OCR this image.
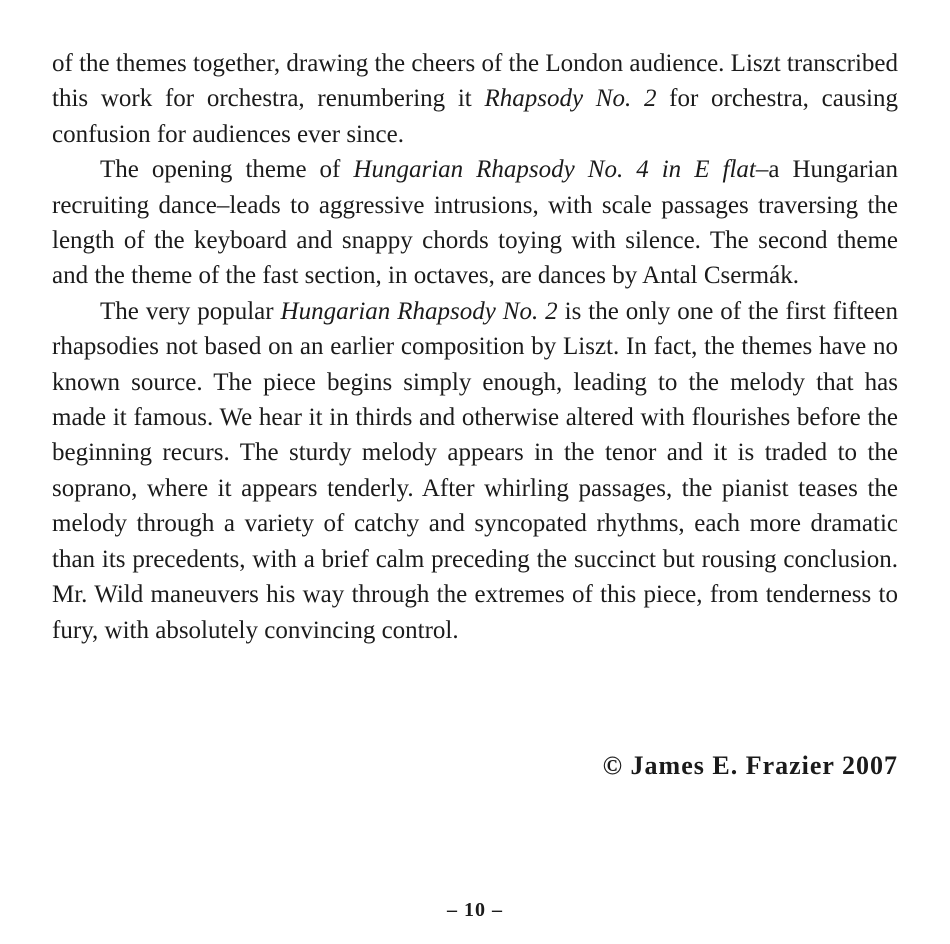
of the themes together, drawing the cheers of the London audience. Liszt transcribed this work for orchestra, renumbering it Rhapsody No. 2 for orchestra, causing confusion for audiences ever since.

The opening theme of Hungarian Rhapsody No. 4 in E flat–a Hungarian recruiting dance–leads to aggressive intrusions, with scale passages traversing the length of the keyboard and snappy chords toying with silence. The second theme and the theme of the fast section, in octaves, are dances by Antal Csermák.

The very popular Hungarian Rhapsody No. 2 is the only one of the first fifteen rhapsodies not based on an earlier composition by Liszt. In fact, the themes have no known source. The piece begins simply enough, leading to the melody that has made it famous. We hear it in thirds and otherwise altered with flourishes before the beginning recurs. The sturdy melody appears in the tenor and it is traded to the soprano, where it appears tenderly. After whirling passages, the pianist teases the melody through a variety of catchy and syncopated rhythms, each more dramatic than its precedents, with a brief calm preceding the succinct but rousing conclusion. Mr. Wild maneuvers his way through the extremes of this piece, from tenderness to fury, with absolutely convincing control.

© James E. Frazier 2007

– 10 –
